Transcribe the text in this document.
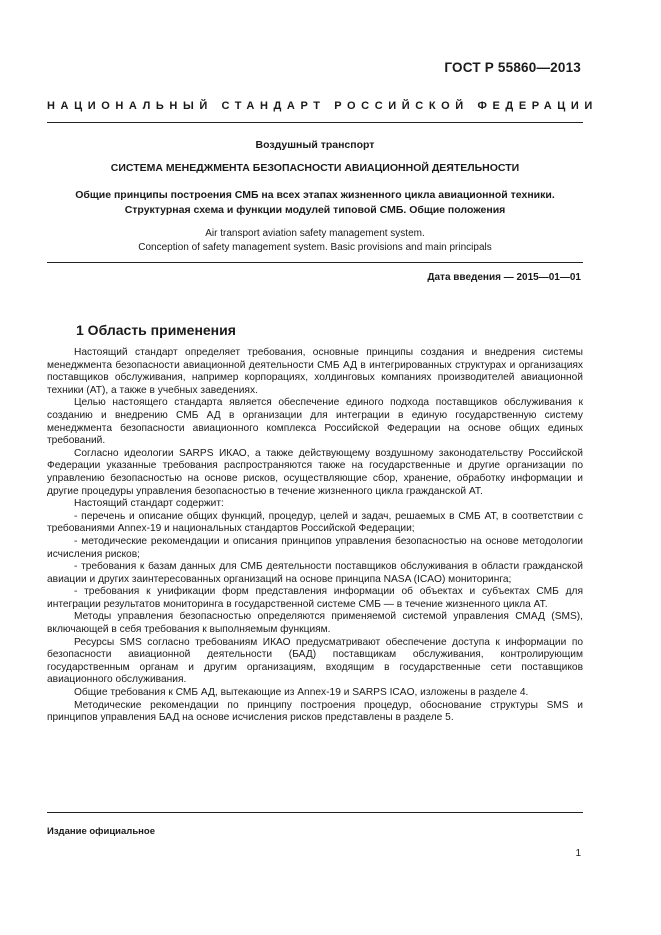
ГОСТ Р 55860—2013
НАЦИОНАЛЬНЫЙ СТАНДАРТ РОССИЙСКОЙ ФЕДЕРАЦИИ
Воздушный транспорт
СИСТЕМА МЕНЕДЖМЕНТА БЕЗОПАСНОСТИ АВИАЦИОННОЙ ДЕЯТЕЛЬНОСТИ
Общие принципы построения СМБ на всех этапах жизненного цикла авиационной техники.
Структурная схема и функции модулей типовой СМБ. Общие положения
Air transport aviation safety management system.
Conception of safety management system. Basic provisions and main principals
Дата введения — 2015—01—01
1 Область применения

Настоящий стандарт определяет требования, основные принципы создания и внедрения системы менеджмента безопасности авиационной деятельности СМБ АД в интегрированных структурах и организациях поставщиков обслуживания, например корпорациях, холдинговых компаниях производителей авиационной техники (АТ), а также в учебных заведениях.

Целью настоящего стандарта является обеспечение единого подхода поставщиков обслуживания к созданию и внедрению СМБ АД в организации для интеграции в единую государственную систему менеджмента безопасности авиационного комплекса Российской Федерации на основе общих единых требований.

Согласно идеологии SARPS ИКАО, а также действующему воздушному законодательству Российской Федерации указанные требования распространяются также на государственные и другие организации по управлению безопасностью на основе рисков, осуществляющие сбор, хранение, обработку информации и другие процедуры управления безопасностью в течение жизненного цикла гражданской АТ.

Настоящий стандарт содержит:

- перечень и описание общих функций, процедур, целей и задач, решаемых в СМБ АТ, в соответствии с требованиями Annex-19 и национальных стандартов Российской Федерации;

- методические рекомендации и описания принципов управления безопасностью на основе методологии исчисления рисков;

- требования к базам данных для СМБ деятельности поставщиков обслуживания в области гражданской авиации и других заинтересованных организаций на основе принципа NASA (ICAO) мониторинга;

- требования к унификации форм представления информации об объектах и субъектах СМБ для интеграции результатов мониторинга в государственной системе СМБ — в течение жизненного цикла АТ.

Методы управления безопасностью определяются применяемой системой управления СМАД (SMS), включающей в себя требования к выполняемым функциям.

Ресурсы SMS согласно требованиям ИКАО предусматривают обеспечение доступа к информации по безопасности авиационной деятельности (БАД) поставщикам обслуживания, контролирующим государственным органам и другим организациям, входящим в государственные сети поставщиков авиационного обслуживания.

Общие требования к СМБ АД, вытекающие из Annex-19 и SARPS ICAO, изложены в разделе 4.

Методические рекомендации по принципу построения процедур, обоснование структуры SMS и принципов управления БАД на основе исчисления рисков представлены в разделе 5.

Издание официальное
1
